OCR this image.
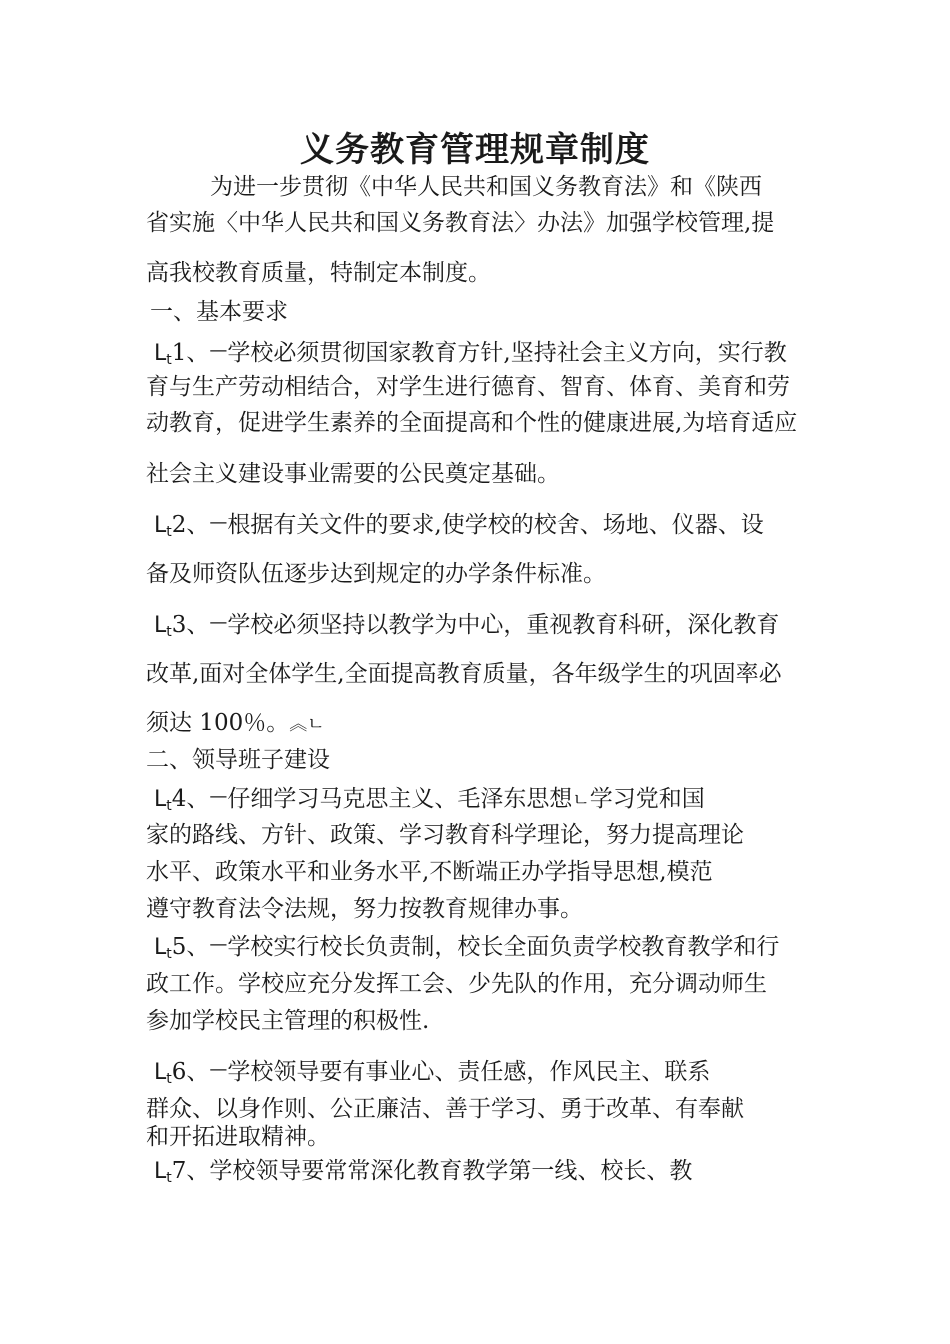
义务教育管理规章制度
为进一步贯彻《中华人民共和国义务教育法》和《陕西
省实施〈中华人民共和国义务教育法〉办法》加强学校管理,提
高我校教育质量，特制定本制度。
一、基本要求
$L_t1$、—学校必须贯彻国家教育方针,坚持社会主义方向，实行教
育与生产劳动相结合，对学生进行德育、智育、体育、美育和劳
动教育，促进学生素养的全面提高和个性的健康进展,为培育适应
社会主义建设事业需要的公民奠定基础。
$L_t2$、—根据有关文件的要求,使学校的校舍、场地、仪器、设
备及师资队伍逐步达到规定的办学条件标准。
$L_t3$、—学校必须坚持以教学为中心，重视教育科研，深化教育
改革,面对全体学生,全面提高教育质量，各年级学生的巩固率必
须达 100％。︽ㄴ
二、领导班子建设
$L_t4$、—仔细学习马克思主义、毛泽东思想ㄴ学习党和国
家的路线、方针、政策、学习教育科学理论，努力提高理论
水平、政策水平和业务水平,不断端正办学指导思想,模范
遵守教育法令法规，努力按教育规律办事。
$L_t5$、—学校实行校长负责制，校长全面负责学校教育教学和行
政工作。学校应充分发挥工会、少先队的作用，充分调动师生
参加学校民主管理的积极性.
$L_t6$、—学校领导要有事业心、责任感，作风民主、联系
群众、以身作则、公正廉洁、善于学习、勇于改革、有奉献
和开拓进取精神。
$L_t7$、学校领导要常常深化教育教学第一线、校长、教
